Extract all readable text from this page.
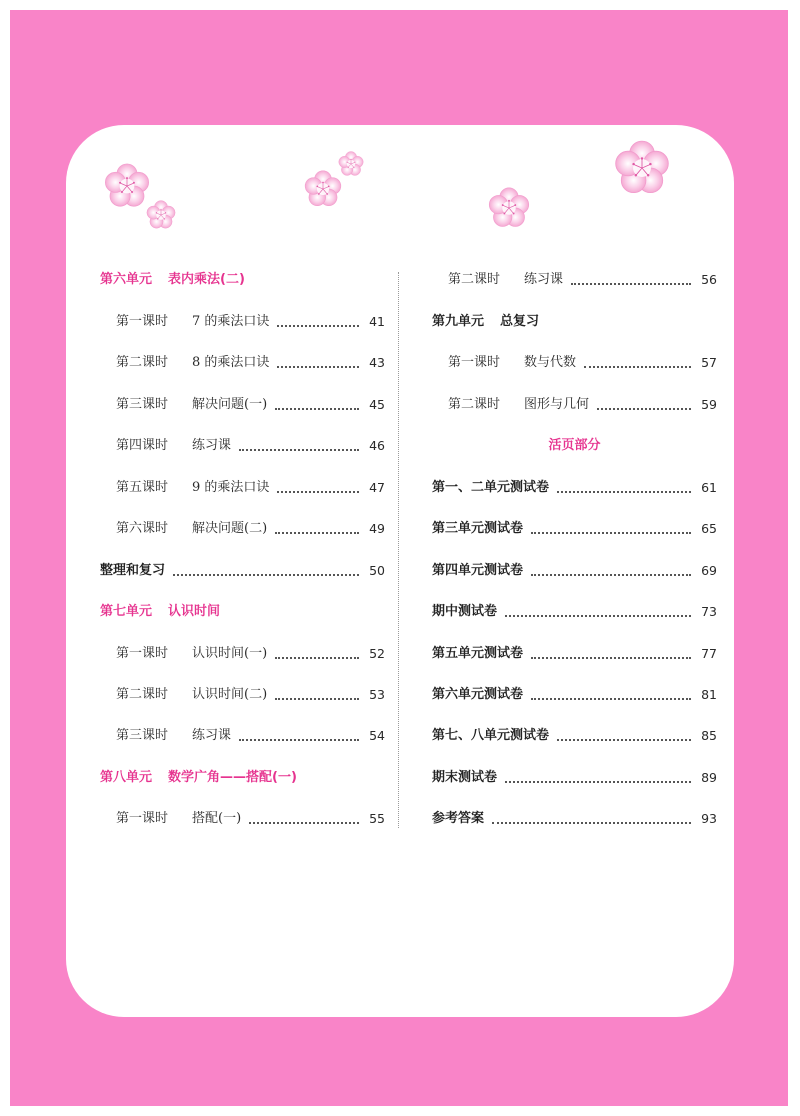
第六单元 表内乘法(二)
第一课时	7 的乘法口诀	41
第二课时	8 的乘法口诀	43
第三课时	解决问题(一)	45
第四课时	练习课	46
第五课时	9 的乘法口诀	47
第六课时	解决问题(二)	49
整理和复习	50
第七单元 认识时间
第一课时	认识时间(一)	52
第二课时	认识时间(二)	53
第三课时	练习课	54
第八单元 数学广角——搭配(一)
第一课时	搭配(一)	55
第二课时	练习课	56
第九单元 总复习
第一课时	数与代数	57
第二课时	图形与几何	59
活页部分
第一、二单元测试卷	61
第三单元测试卷	65
第四单元测试卷	69
期中测试卷	73
第五单元测试卷	77
第六单元测试卷	81
第七、八单元测试卷	85
期末测试卷	89
参考答案	93
